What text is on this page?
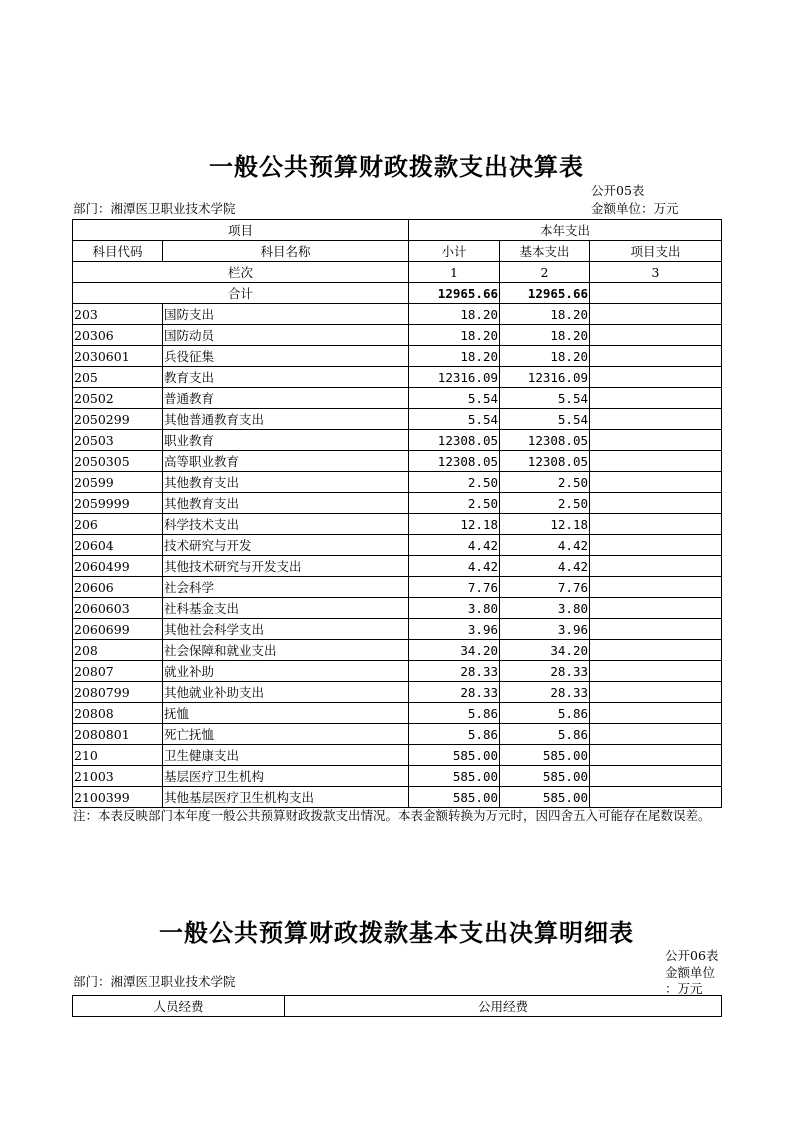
一般公共预算财政拨款支出决算表
公开05表
部门：湘潭医卫职业技术学院	金额单位：万元
项目		本年支出		
科目代码	科目名称	小计	基本支出	项目支出
栏次		1	2	3
合计		12965.66	12965.66	
203	国防支出	18.20	18.20	
20306	国防动员	18.20	18.20	
2030601	兵役征集	18.20	18.20	
205	教育支出	12316.09	12316.09	
20502	普通教育	5.54	5.54	
2050299	其他普通教育支出	5.54	5.54	
20503	职业教育	12308.05	12308.05	
2050305	高等职业教育	12308.05	12308.05	
20599	其他教育支出	2.50	2.50	
2059999	其他教育支出	2.50	2.50	
206	科学技术支出	12.18	12.18	
20604	技术研究与开发	4.42	4.42	
2060499	其他技术研究与开发支出	4.42	4.42	
20606	社会科学	7.76	7.76	
2060603	社科基金支出	3.80	3.80	
2060699	其他社会科学支出	3.96	3.96	
208	社会保障和就业支出	34.20	34.20	
20807	就业补助	28.33	28.33	
2080799	其他就业补助支出	28.33	28.33	
20808	抚恤	5.86	5.86	
2080801	死亡抚恤	5.86	5.86	
210	卫生健康支出	585.00	585.00	
21003	基层医疗卫生机构	585.00	585.00	
2100399	其他基层医疗卫生机构支出	585.00	585.00	
注：本表反映部门本年度一般公共预算财政拨款支出情况。本表金额转换为万元时，因四舍五入可能存在尾数误差。
一般公共预算财政拨款基本支出决算明细表
公开06表
部门：湘潭医卫职业技术学院
金额单位
：万元
人员经费	公用经费
